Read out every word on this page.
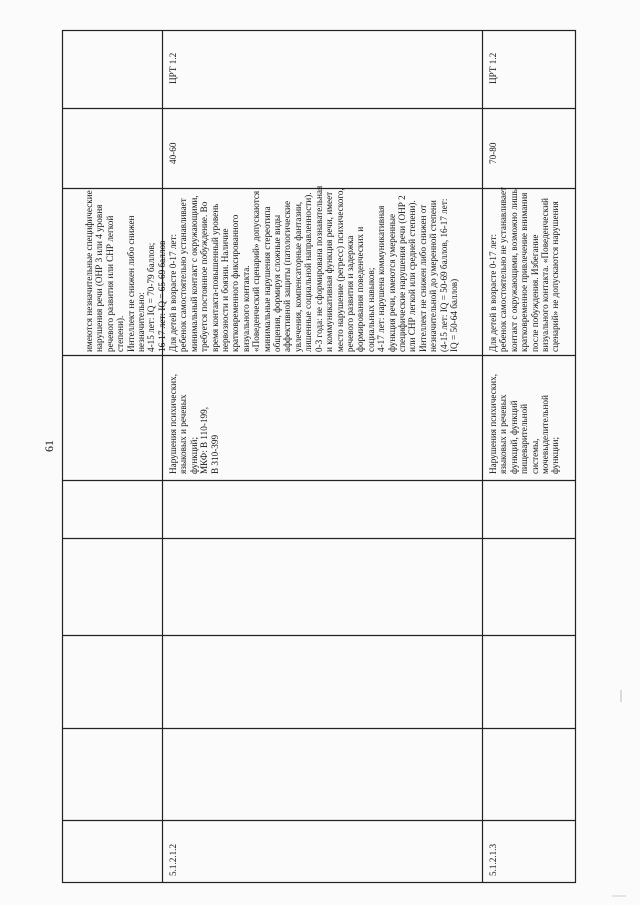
61
имеются незначительные специфические нарушения речи (ОНР 3 или 4 уровня речевого развития или СНР легкой степени). Интеллект не снижен либо снижен незначительно: 4-15 лет: IQ = 70-79 баллов; 16-17 лет: IQ = 65-69 баллов
5.1.2.1.2
Нарушения психических, языковых и речевых функций; МКФ: В 110-199, В 310-399
Для детей в возрасте 0-17 лет: ребенок самостоятельно устанавливает минимальный контакт с окружающими, требуется постоянное побуждение. Во время контакта-повышенный уровень нервозности и боязни. Наличие кратковременного фиксированного визуального контакта. «Поведенческий сценарий» допускаются минимальные нарушения стереотипа общения, формируя сложные виды аффективной защиты (патологические увлечения, компенсаторные фантазии, лишенные социальной направленности). 0-3 года: не сформирована познавательная и коммуникативная функция речи, имеет место нарушение (регресс) психического, речевого развития и задержка формирования поведенческих и социальных навыков; 4-17 лет: нарушена коммуникативная функция речи, имеются умеренные специфические нарушения речи (ОНР 2 или СНР легкой или средней степени). Интеллект не снижен либо снижен от незначительной до умеренной степени (4-15 лет: IQ = 50-69 баллов, 16-17 лет: IQ = 50-64 баллов)
40-60
ЦРТ 1.2
5.1.2.1.3
Нарушения психических, языковых и речевых функций, функций пищеварительной системы, мочевыделительной функции;
Для детей в возрасте 0-17 лет: ребенок самостоятельно не устанавливает контакт с окружающими, возможно лишь кратковременное привлечение внимания после побуждения. Избегание визуального контакта. «Поведенческий сценарий» не допускаются нарушения
70-80
ЦРТ 1.2
